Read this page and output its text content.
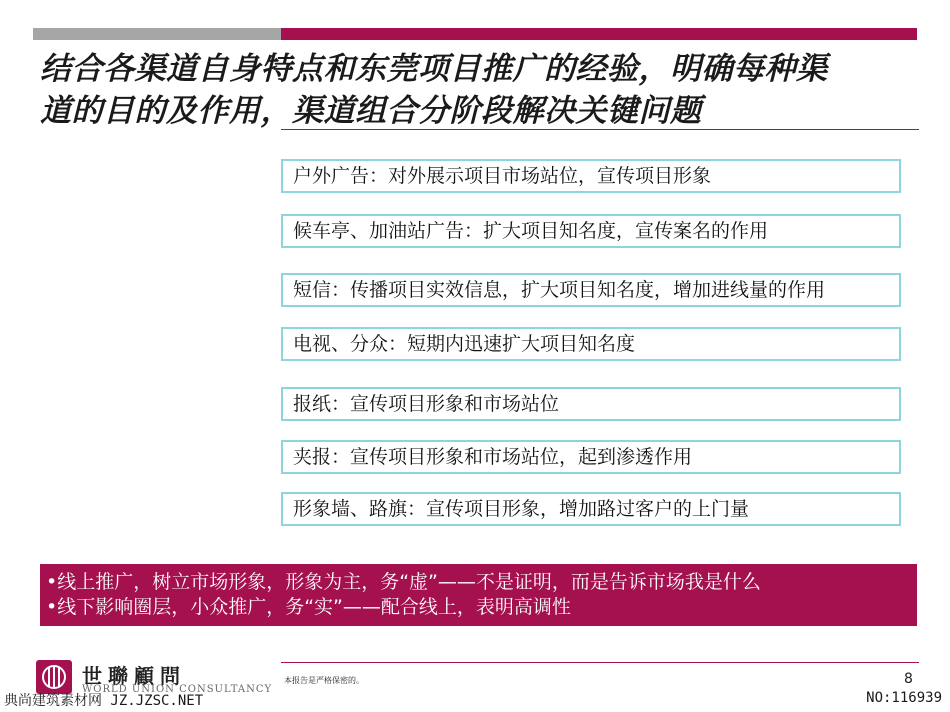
结合各渠道自身特点和东莞项目推广的经验，明确每种渠
道的目的及作用，渠道组合分阶段解决关键问题
户外广告：对外展示项目市场站位，宣传项目形象
候车亭、加油站广告：扩大项目知名度，宣传案名的作用
短信：传播项目实效信息，扩大项目知名度，增加进线量的作用
电视、分众：短期内迅速扩大项目知名度
报纸：宣传项目形象和市场站位
夹报：宣传项目形象和市场站位，起到渗透作用
形象墙、路旗：宣传项目形象，增加路过客户的上门量
•线上推广，树立市场形象，形象为主，务“虚”——不是证明，而是告诉市场我是什么
•线下影响圈层，小众推广，务“实”——配合线上，表明高调性
世聯顧問
WORLD UNION CONSULTANCY
本报告是严格保密的。	8
典尚建筑素材网 JZ.JZSC.NET	NO:116939
